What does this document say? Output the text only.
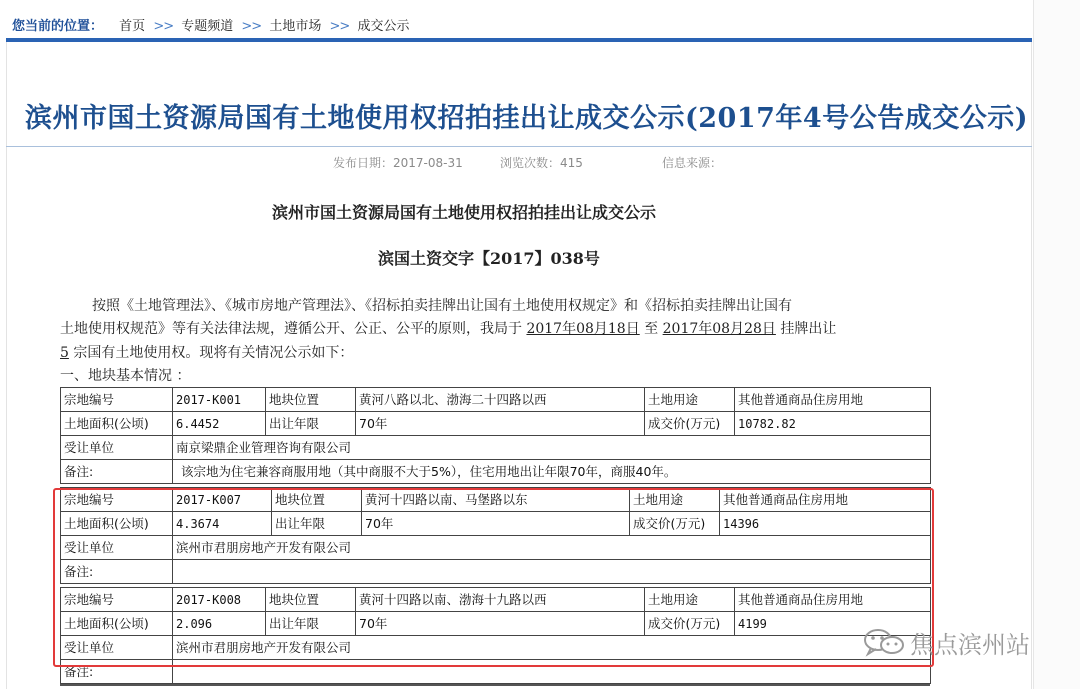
您当前的位置： 首页 >> 专题频道 >> 土地市场 >> 成交公示
滨州市国土资源局国有土地使用权招拍挂出让成交公示(2017年4号公告成交公示)
发布日期：2017-08-31	浏览次数：415	信息来源：
滨州市国土资源局国有土地使用权招拍挂出让成交公示
滨国土资交字【2017】038号
按照《土地管理法》、《城市房地产管理法》、《招标拍卖挂牌出让国有土地使用权规定》和《招标拍卖挂牌出让国有
土地使用权规范》等有关法律法规，遵循公开、公正、公平的原则，我局于 2017年08月18日 至 2017年08月28日 挂牌出让
5 宗国有土地使用权。现将有关情况公示如下：
一、地块基本情况 ：
宗地编号	2017-K001	地块位置	黄河八路以北、渤海二十四路以西	土地用途	其他普通商品住房用地
土地面积(公顷)	6.4452	出让年限	70年	成交价(万元)	10782.82
受让单位	南京梁鼎企业管理咨询有限公司				
备注:	该宗地为住宅兼容商服用地（其中商服不大于5%），住宅用地出让年限70年，商服40年。				
宗地编号	2017-K007	地块位置	黄河十四路以南、马堡路以东	土地用途	其他普通商品住房用地
土地面积(公顷)	4.3674	出让年限	70年	成交价(万元)	14396
受让单位	滨州市君朋房地产开发有限公司				
备注:					
宗地编号	2017-K008	地块位置	黄河十四路以南、渤海十九路以西	土地用途	其他普通商品住房用地
土地面积(公顷)	2.096	出让年限	70年	成交价(万元)	4199
受让单位	滨州市君朋房地产开发有限公司				
备注:					
焦点滨州站
